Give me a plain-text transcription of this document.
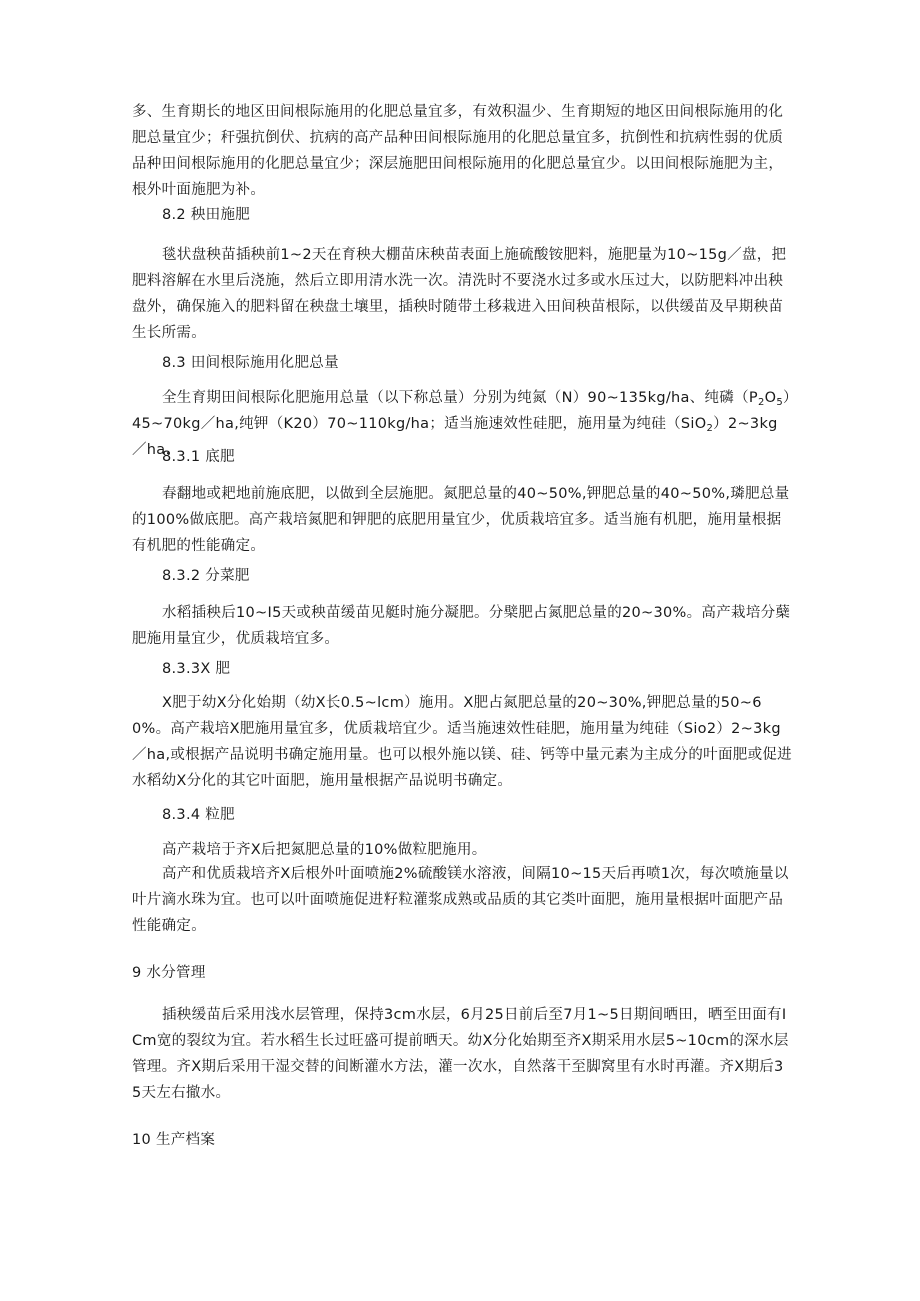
多、生育期长的地区田间根际施用的化肥总量宜多，有效积温少、生育期短的地区田间根际施用的化肥总量宜少；秆强抗倒伏、抗病的高产品种田间根际施用的化肥总量宜多，抗倒性和抗病性弱的优质品种田间根际施用的化肥总量宜少；深层施肥田间根际施用的化肥总量宜少。以田间根际施肥为主，根外叶面施肥为补。

8.2 秧田施肥

毯状盘秧苗插秧前1~2天在育秧大棚苗床秧苗表面上施硫酸铵肥料，施肥量为10~15g／盘，把肥料溶解在水里后浇施，然后立即用清水洗一次。清洗时不要浇水过多或水压过大，以防肥料冲出秧盘外，确保施入的肥料留在秧盘土壤里，插秧时随带土移栽进入田间秧苗根际，以供缓苗及早期秧苗生长所需。

8.3 田间根际施用化肥总量

全生育期田间根际化肥施用总量（以下称总量）分别为纯氮（N）90~135kg/ha、纯磷$(P_2O_5)45\sim 70kg/ha$,纯钾（K20）70~110kg/ha；适当施速效性硅肥，施用量为纯硅（SiO$_2$）2~3kg／ha.

8.3.1 底肥

春翻地或耙地前施底肥，以做到全层施肥。氮肥总量的40~50%,钾肥总量的40~50%,璘肥总量的100%做底肥。高产栽培氮肥和钾肥的底肥用量宜少，优质栽培宜多。适当施有机肥，施用量根据有机肥的性能确定。

8.3.2 分菜肥

水稻插秧后10~I5天或秧苗缓苗见艇时施分凝肥。分檗肥占氮肥总量的20~30%。高产栽培分蘖肥施用量宜少，优质栽培宜多。

8.3.3X 肥

X肥于幼X分化始期（幼X长0.5~lcm）施用。X肥占氮肥总量的20~30%,钾肥总量的50~60%。高产栽培X肥施用量宜多，优质栽培宜少。适当施速效性硅肥，施用量为纯硅（Sio2）2~3kg／ha,或根据产品说明书确定施用量。也可以根外施以镁、硅、钙等中量元素为主成分的叶面肥或促进水稻幼X分化的其它叶面肥，施用量根据产品说明书确定。

8.3.4 粒肥

高产栽培于齐X后把氮肥总量的10%做粒肥施用。

高产和优质栽培齐X后根外叶面喷施2%硫酸镁水溶液，间隔10~15天后再喷1次，每次喷施量以叶片滴水珠为宜。也可以叶面喷施促进籽粒灌浆成熟或品质的其它类叶面肥，施用量根据叶面肥产品性能确定。

9 水分管理

插秧缓苗后采用浅水层管理，保持3cm水层，6月25日前后至7月1~5日期间晒田，晒至田面有ICm宽的裂纹为宜。若水稻生长过旺盛可提前晒天。幼X分化始期至齐X期采用水层5~10cm的深水层管理。齐X期后采用干湿交替的间断灌水方法，灌一次水，自然落干至脚窝里有水时再灌。齐X期后35天左右撤水。

10 生产档案
